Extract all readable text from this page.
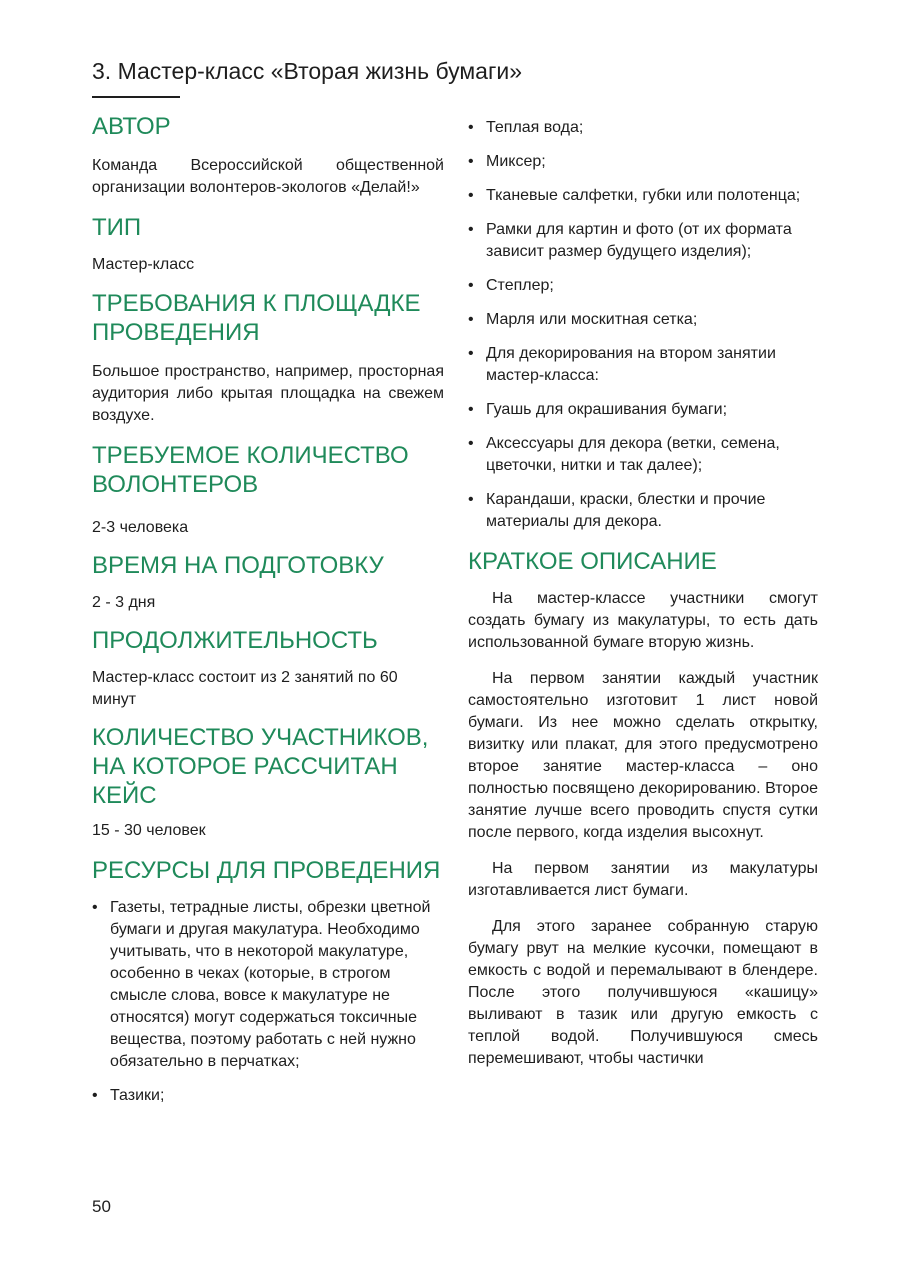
3. Мастер-класс «Вторая жизнь бумаги»
АВТОР

Команда Всероссийской общественной организации волонтеров-экологов «Делай!»

ТИП

Мастер-класс

ТРЕБОВАНИЯ К ПЛОЩАДКЕ ПРОВЕДЕНИЯ

Большое пространство, например, просторная аудитория либо крытая площадка на свежем воздухе.

ТРЕБУЕМОЕ КОЛИЧЕСТВО ВОЛОНТЕРОВ

2-3 человека

ВРЕМЯ НА ПОДГОТОВКУ

2 - 3 дня

ПРОДОЛЖИТЕЛЬНОСТЬ

Мастер-класс состоит из 2 занятий по 60 минут

КОЛИЧЕСТВО УЧАСТНИКОВ, НА КОТОРОЕ РАССЧИТАН КЕЙС

15 - 30 человек

РЕСУРСЫ ДЛЯ ПРОВЕДЕНИЯ
• Газеты, тетрадные листы, обрезки цветной бумаги и другая макулатура. Необходимо учитывать, что в некоторой макулатуре, особенно в чеках (которые, в строгом смысле слова, вовсе к макулатуре не относятся) могут содержаться токсичные вещества, поэтому работать с ней нужно обязательно в перчатках;
• Тазики;
• Теплая вода;
• Миксер;
• Тканевые салфетки, губки или полотенца;
• Рамки для картин и фото (от их формата зависит размер будущего изделия);
• Степлер;
• Марля или москитная сетка;
• Для декорирования на втором занятии мастер-класса:
• Гуашь для окрашивания бумаги;
• Аксессуары для декора (ветки, семена, цветочки, нитки и так далее);
• Карандаши, краски, блестки и прочие материалы для декора.
КРАТКОЕ ОПИСАНИЕ

На мастер-классе участники смогут создать бумагу из макулатуры, то есть дать использованной бумаге вторую жизнь.

На первом занятии каждый участник самостоятельно изготовит 1 лист новой бумаги. Из нее можно сделать открытку, визитку или плакат, для этого предусмотрено второе занятие мастер-класса – оно полностью посвящено декорированию. Второе занятие лучше всего проводить спустя сутки после первого, когда изделия высохнут.

На первом занятии из макулатуры изготавливается лист бумаги.

Для этого заранее собранную старую бумагу рвут на мелкие кусочки, помещают в емкость с водой и перемалывают в блендере. После этого получившуюся «кашицу» выливают в тазик или другую емкость с теплой водой. Получившуюся смесь перемешивают, чтобы частички

50
